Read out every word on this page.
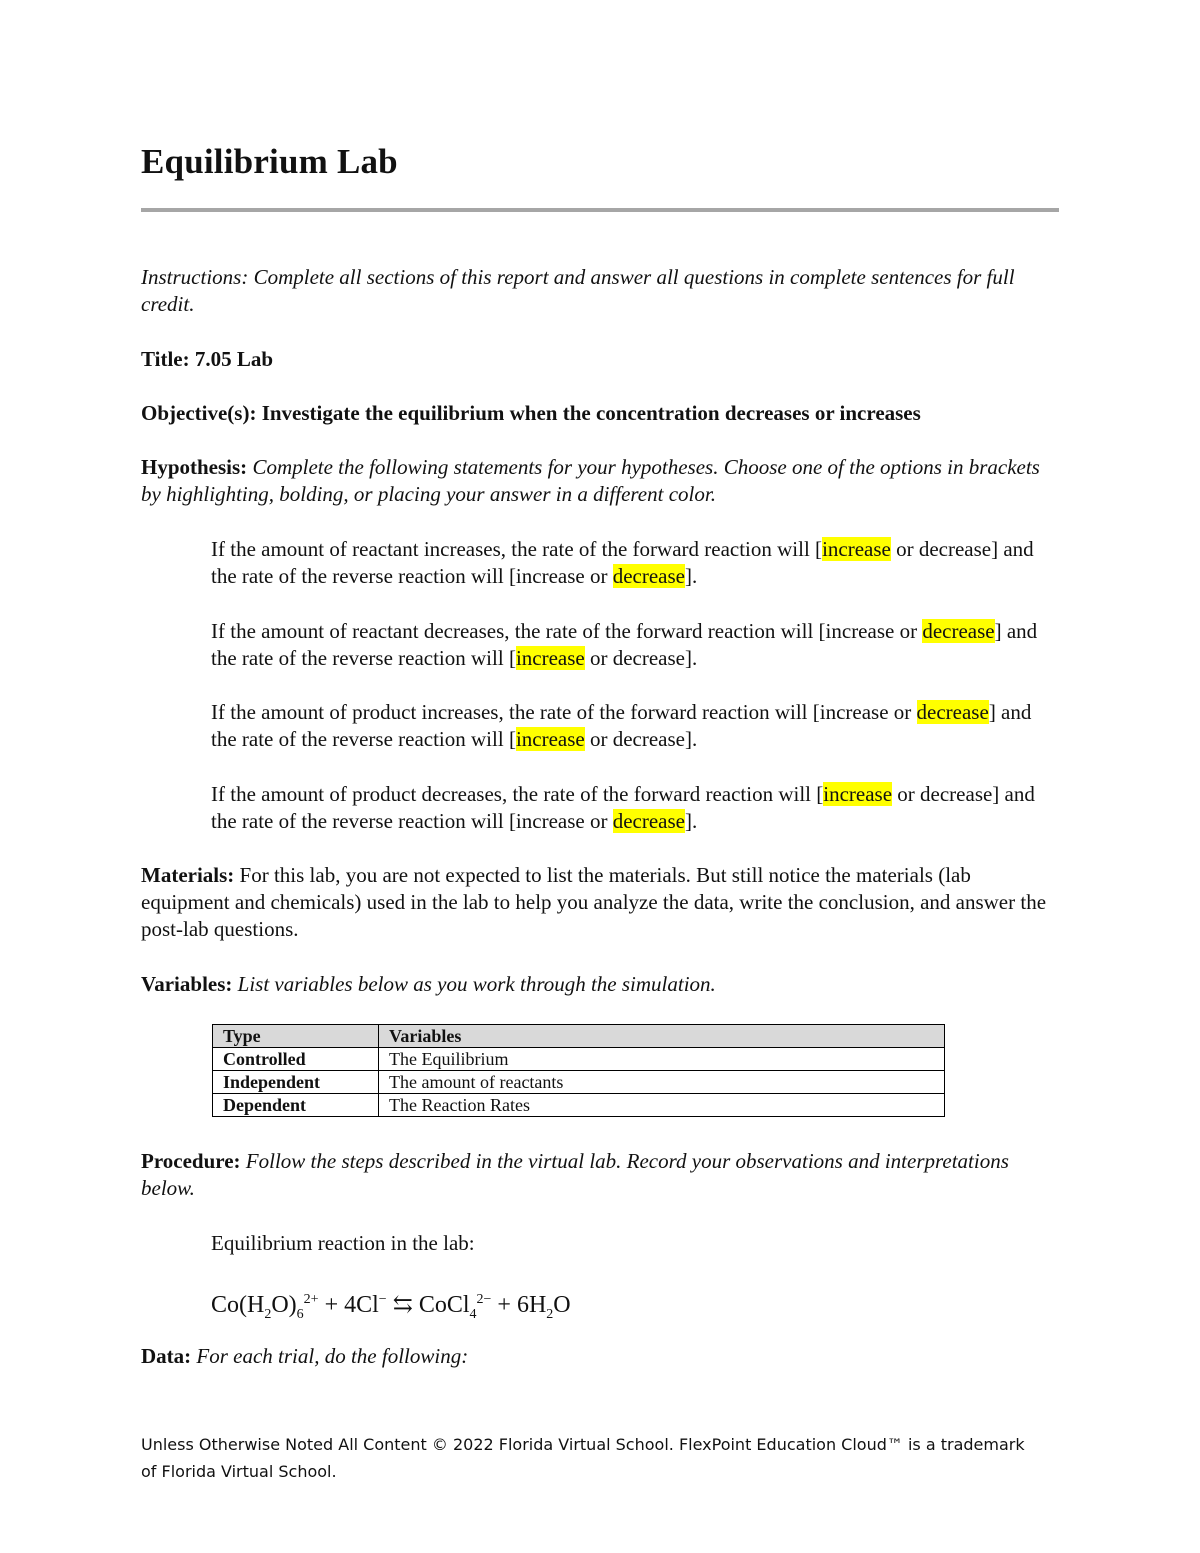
Equilibrium Lab

Instructions: Complete all sections of this report and answer all questions in complete sentences for full credit.

Title: 7.05 Lab

Objective(s): Investigate the equilibrium when the concentration decreases or increases

Hypothesis: Complete the following statements for your hypotheses. Choose one of the options in brackets by highlighting, bolding, or placing your answer in a different color.

If the amount of reactant increases, the rate of the forward reaction will [increase or decrease] and the rate of the reverse reaction will [increase or decrease].

If the amount of reactant decreases, the rate of the forward reaction will [increase or decrease] and the rate of the reverse reaction will [increase or decrease].

If the amount of product increases, the rate of the forward reaction will [increase or decrease] and the rate of the reverse reaction will [increase or decrease].

If the amount of product decreases, the rate of the forward reaction will [increase or decrease] and the rate of the reverse reaction will [increase or decrease].

Materials: For this lab, you are not expected to list the materials. But still notice the materials (lab equipment and chemicals) used in the lab to help you analyze the data, write the conclusion, and answer the post-lab questions.

Variables: List variables below as you work through the simulation.

Type	Variables
Controlled	The Equilibrium
Independent	The amount of reactants
Dependent	The Reaction Rates

Procedure: Follow the steps described in the virtual lab. Record your observations and interpretations below.

Equilibrium reaction in the lab:

$Co(H_2O)_6^{2+} + 4Cl^-$ ⇆ CoCl$_4^{2-}$ + $6H_2O$

Data: For each trial, do the following:

Unless Otherwise Noted All Content © 2022 Florida Virtual School. FlexPoint Education Cloud™ is a trademark of Florida Virtual School.
